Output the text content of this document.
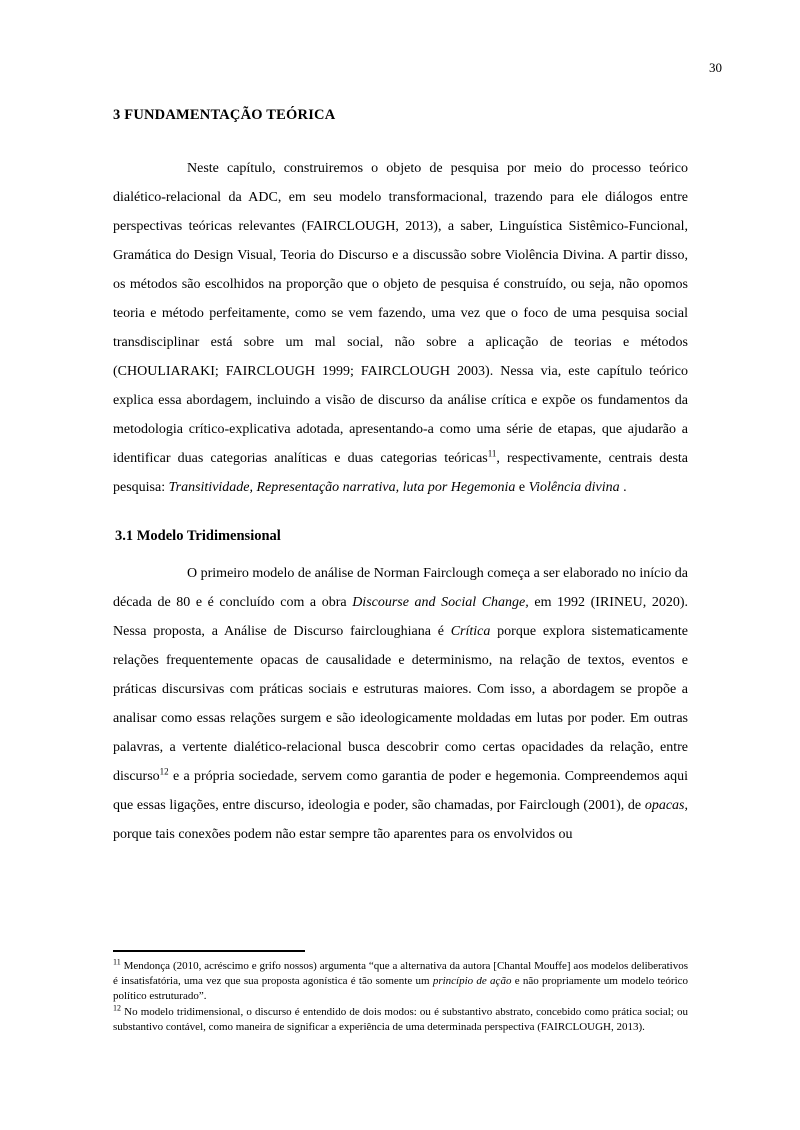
30
3 FUNDAMENTAÇÃO TEÓRICA

Neste capítulo, construiremos o objeto de pesquisa por meio do processo teórico dialético-relacional da ADC, em seu modelo transformacional, trazendo para ele diálogos entre perspectivas teóricas relevantes (FAIRCLOUGH, 2013), a saber, Linguística Sistêmico-Funcional, Gramática do Design Visual, Teoria do Discurso e a discussão sobre Violência Divina. A partir disso, os métodos são escolhidos na proporção que o objeto de pesquisa é construído, ou seja, não opomos teoria e método perfeitamente, como se vem fazendo, uma vez que o foco de uma pesquisa social transdisciplinar está sobre um mal social, não sobre a aplicação de teorias e métodos (CHOULIARAKI; FAIRCLOUGH 1999; FAIRCLOUGH 2003). Nessa via, este capítulo teórico explica essa abordagem, incluindo a visão de discurso da análise crítica e expõe os fundamentos da metodologia crítico-explicativa adotada, apresentando-a como uma série de etapas, que ajudarão a identificar duas categorias analíticas e duas categorias teóricas$^{11}$, respectivamente, centrais desta pesquisa: Transitividade, Representação narrativa, luta por Hegemonia e Violência divina .

3.1 Modelo Tridimensional

O primeiro modelo de análise de Norman Fairclough começa a ser elaborado no início da década de 80 e é concluído com a obra Discourse and Social Change, em 1992 (IRINEU, 2020). Nessa proposta, a Análise de Discurso faircloughiana é Crítica porque explora sistematicamente relações frequentemente opacas de causalidade e determinismo, na relação de textos, eventos e práticas discursivas com práticas sociais e estruturas maiores. Com isso, a abordagem se propõe a analisar como essas relações surgem e são ideologicamente moldadas em lutas por poder. Em outras palavras, a vertente dialético-relacional busca descobrir como certas opacidades da relação, entre discurso$^{12}$ e a própria sociedade, servem como garantia de poder e hegemonia. Compreendemos aqui que essas ligações, entre discurso, ideologia e poder, são chamadas, por Fairclough (2001), de opacas, porque tais conexões podem não estar sempre tão aparentes para os envolvidos ou

$^{11}$ Mendonça (2010, acréscimo e grifo nossos) argumenta “que a alternativa da autora [Chantal Mouffe] aos modelos deliberativos é insatisfatória, uma vez que sua proposta agonística é tão somente um princípio de ação e não propriamente um modelo teórico político estruturado”.

$^{12}$ No modelo tridimensional, o discurso é entendido de dois modos: ou é substantivo abstrato, concebido como prática social; ou substantivo contável, como maneira de significar a experiência de uma determinada perspectiva (FAIRCLOUGH, 2013).
